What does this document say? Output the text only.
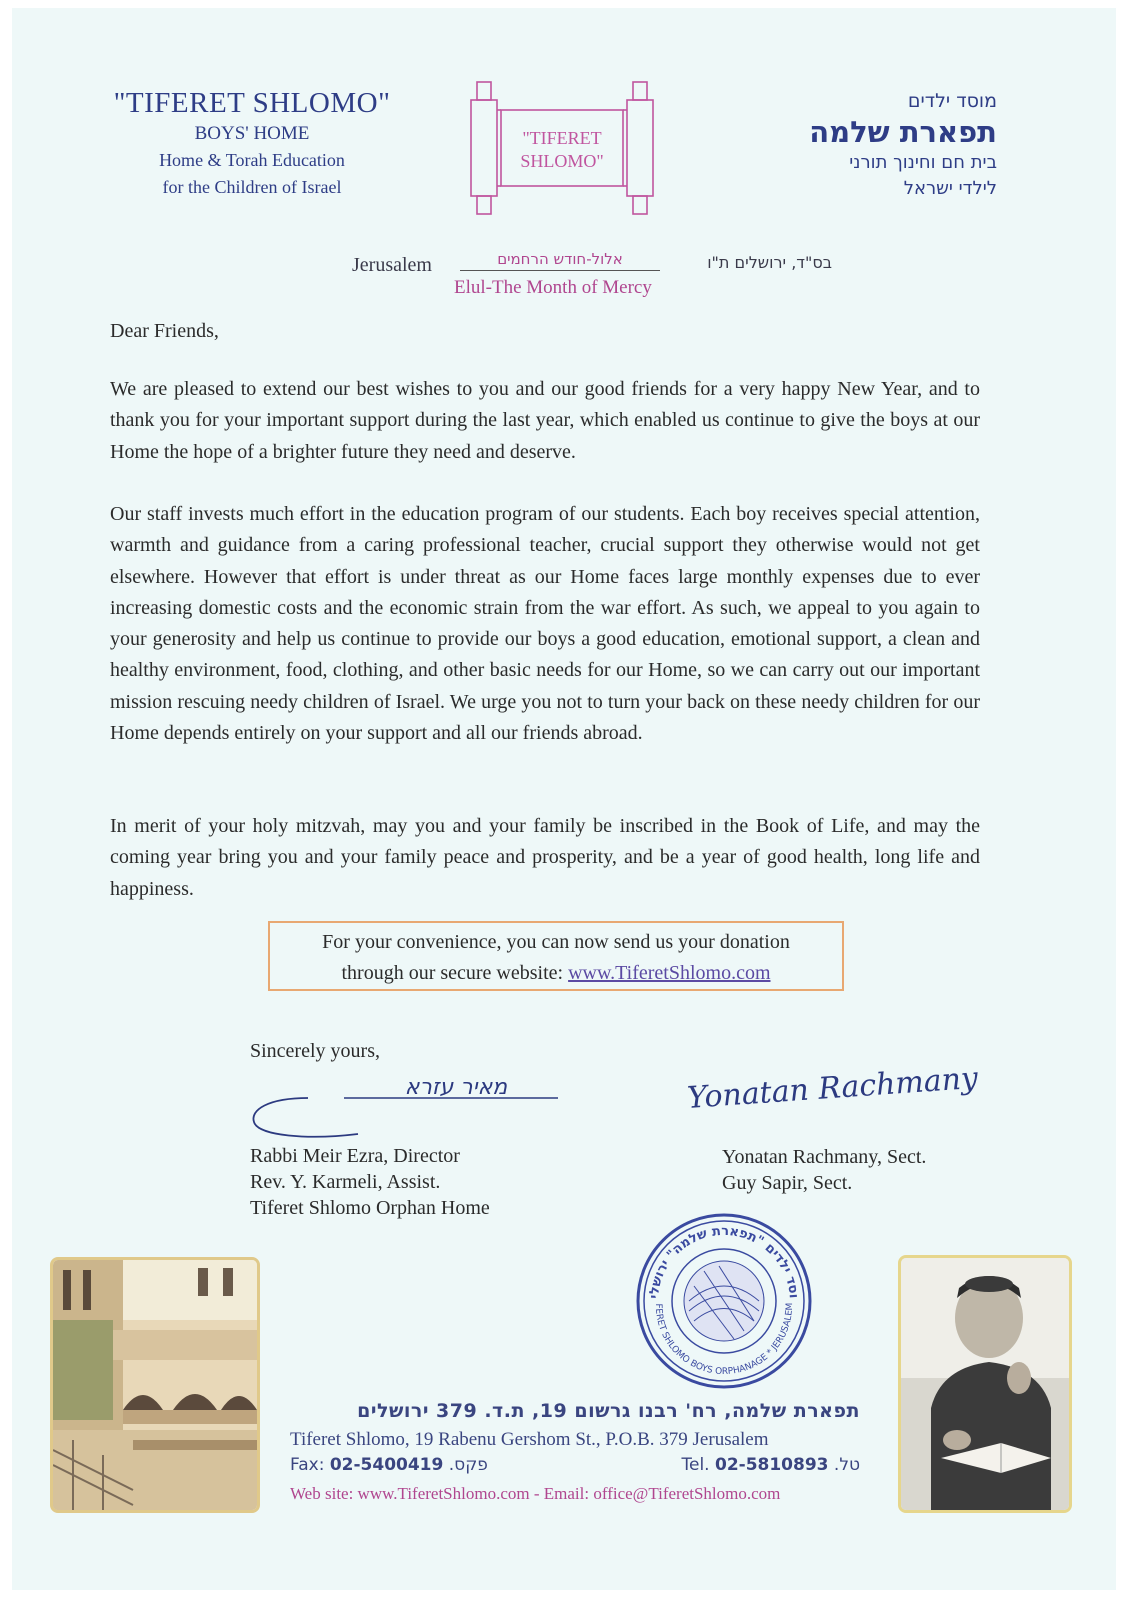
"TIFERET SHLOMO"
BOYS' HOME
Home & Torah Education
for the Children of Israel
"TIFERET
SHLOMO"
מוסד ילדים
תפארת שלמה
בית חם וחינוך תורני
לילדי ישראל
Jerusalem	אלול-חודש הרחמים	בס"ד, ירושלים ת"ו
Elul-The Month of Mercy
Dear Friends,
We are pleased to extend our best wishes to you and our good friends for a very happy New Year, and to thank you for your important support during the last year, which enabled us continue to give the boys at our Home the hope of a brighter future they need and deserve.
Our staff invests much effort in the education program of our students. Each boy receives special attention, warmth and guidance from a caring professional teacher, crucial support they otherwise would not get elsewhere. However that effort is under threat as our Home faces large monthly expenses due to ever increasing domestic costs and the economic strain from the war effort. As such, we appeal to you again to your generosity and help us continue to provide our boys a good education, emotional support, a clean and healthy environment, food, clothing, and other basic needs for our Home, so we can carry out our important mission rescuing needy children of Israel. We urge you not to turn your back on these needy children for our Home depends entirely on your support and all our friends abroad.
In merit of your holy mitzvah, may you and your family be inscribed in the Book of Life, and may the coming year bring you and your family peace and prosperity, and be a year of good health, long life and happiness.
For your convenience, you can now send us your donation
through our secure website: www.TiferetShlomo.com
Sincerely yours,
מאיר עזרא	Yonatan Rachmany
Rabbi Meir Ezra, Director
Rev. Y. Karmeli, Assist.
Tiferet Shlomo Orphan Home
Yonatan Rachmany, Sect.
Guy Sapir, Sect.
וסד ילדים "תפארת שלמה" ירושלי
FERET SHLOMO BOYS ORPHANAGE * JERUSALEM
תפארת שלמה, רח' רבנו גרשום 19, ת.ד. 379 ירושלים
Tiferet Shlomo, 19 Rabenu Gershom St., P.O.B. 379 Jerusalem
Fax: 02-5400419 .פקס	Tel. 02-5810893 .טל
Web site: www.TiferetShlomo.com - Email: office@TiferetShlomo.com
